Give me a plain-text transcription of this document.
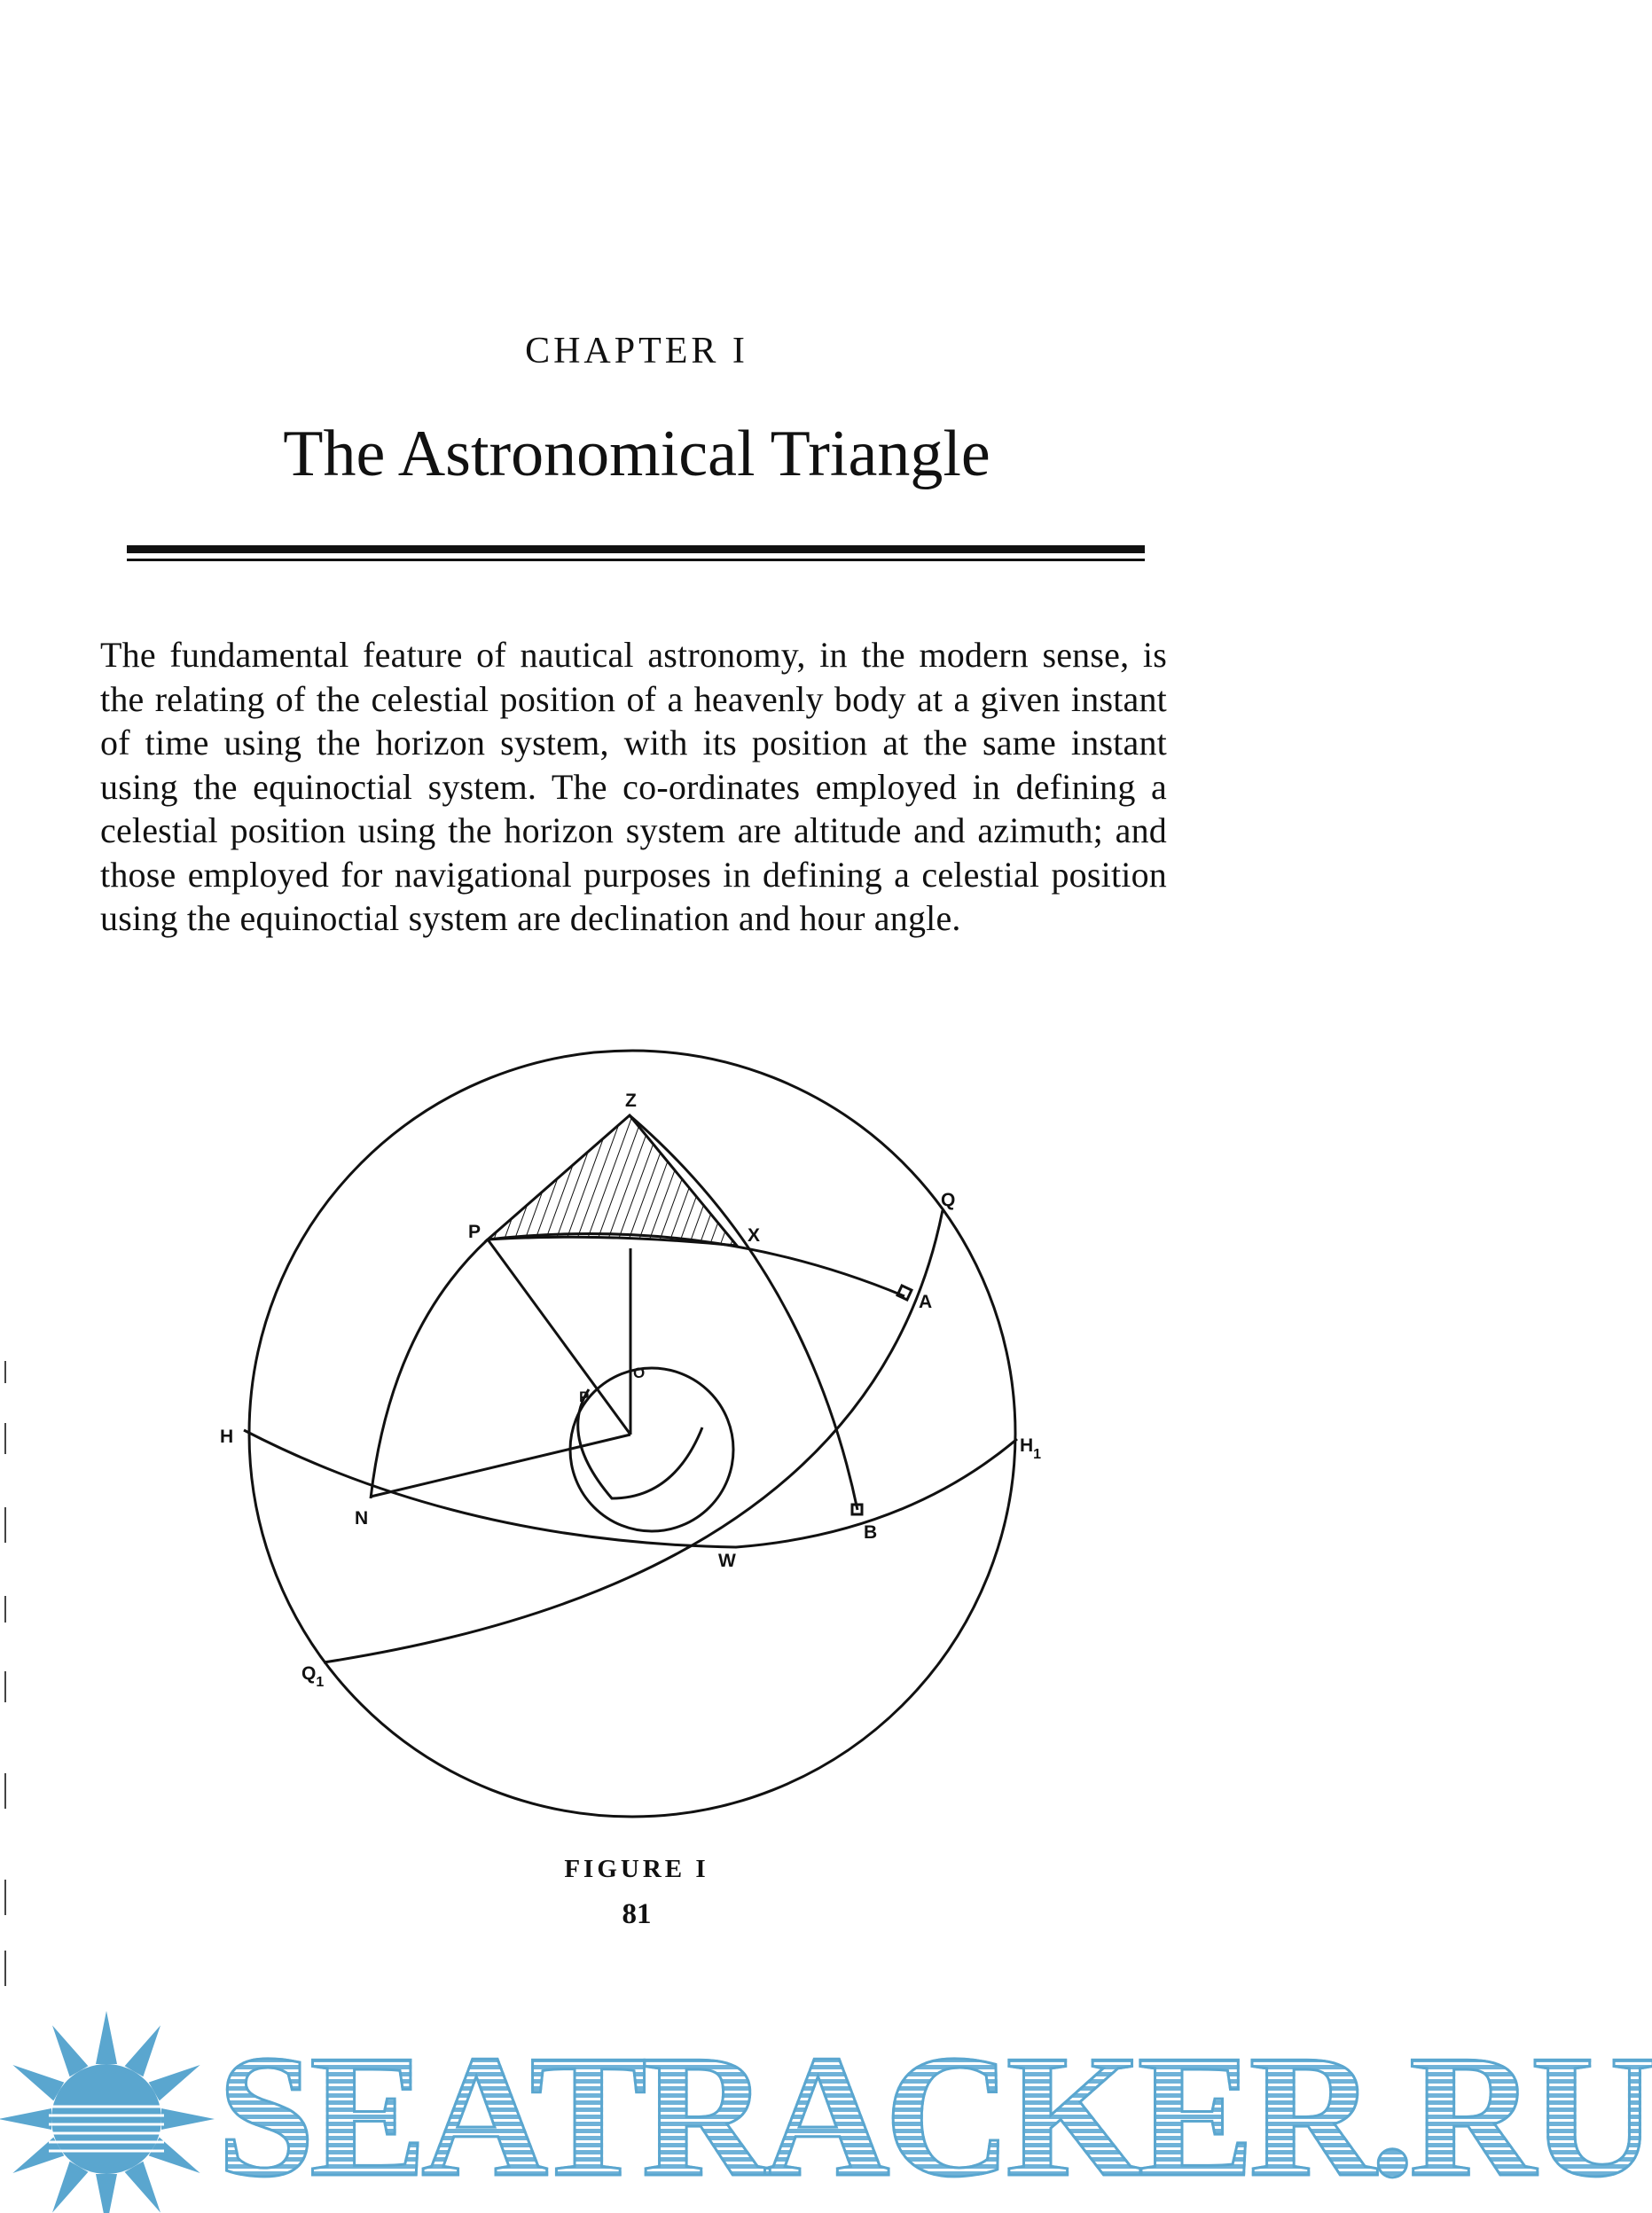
CHAPTER I
The Astronomical Triangle
The fundamental feature of nautical astronomy, in the modern sense, is the relating of the celestial position of a heavenly body at a given instant of time using the horizon system, with its position at the same instant using the equinoctial system. The co-ordinates employed in defining a celestial position using the horizon system are altitude and azimuth; and those employed for navigational purposes in defining a celestial position using the equinoctial system are declination and hour angle.
Z
P	X
Q
A
O
P
H	$H_1$
N
B
W
$Q_1$
FIGURE I
81
SEATRACKER.RU
